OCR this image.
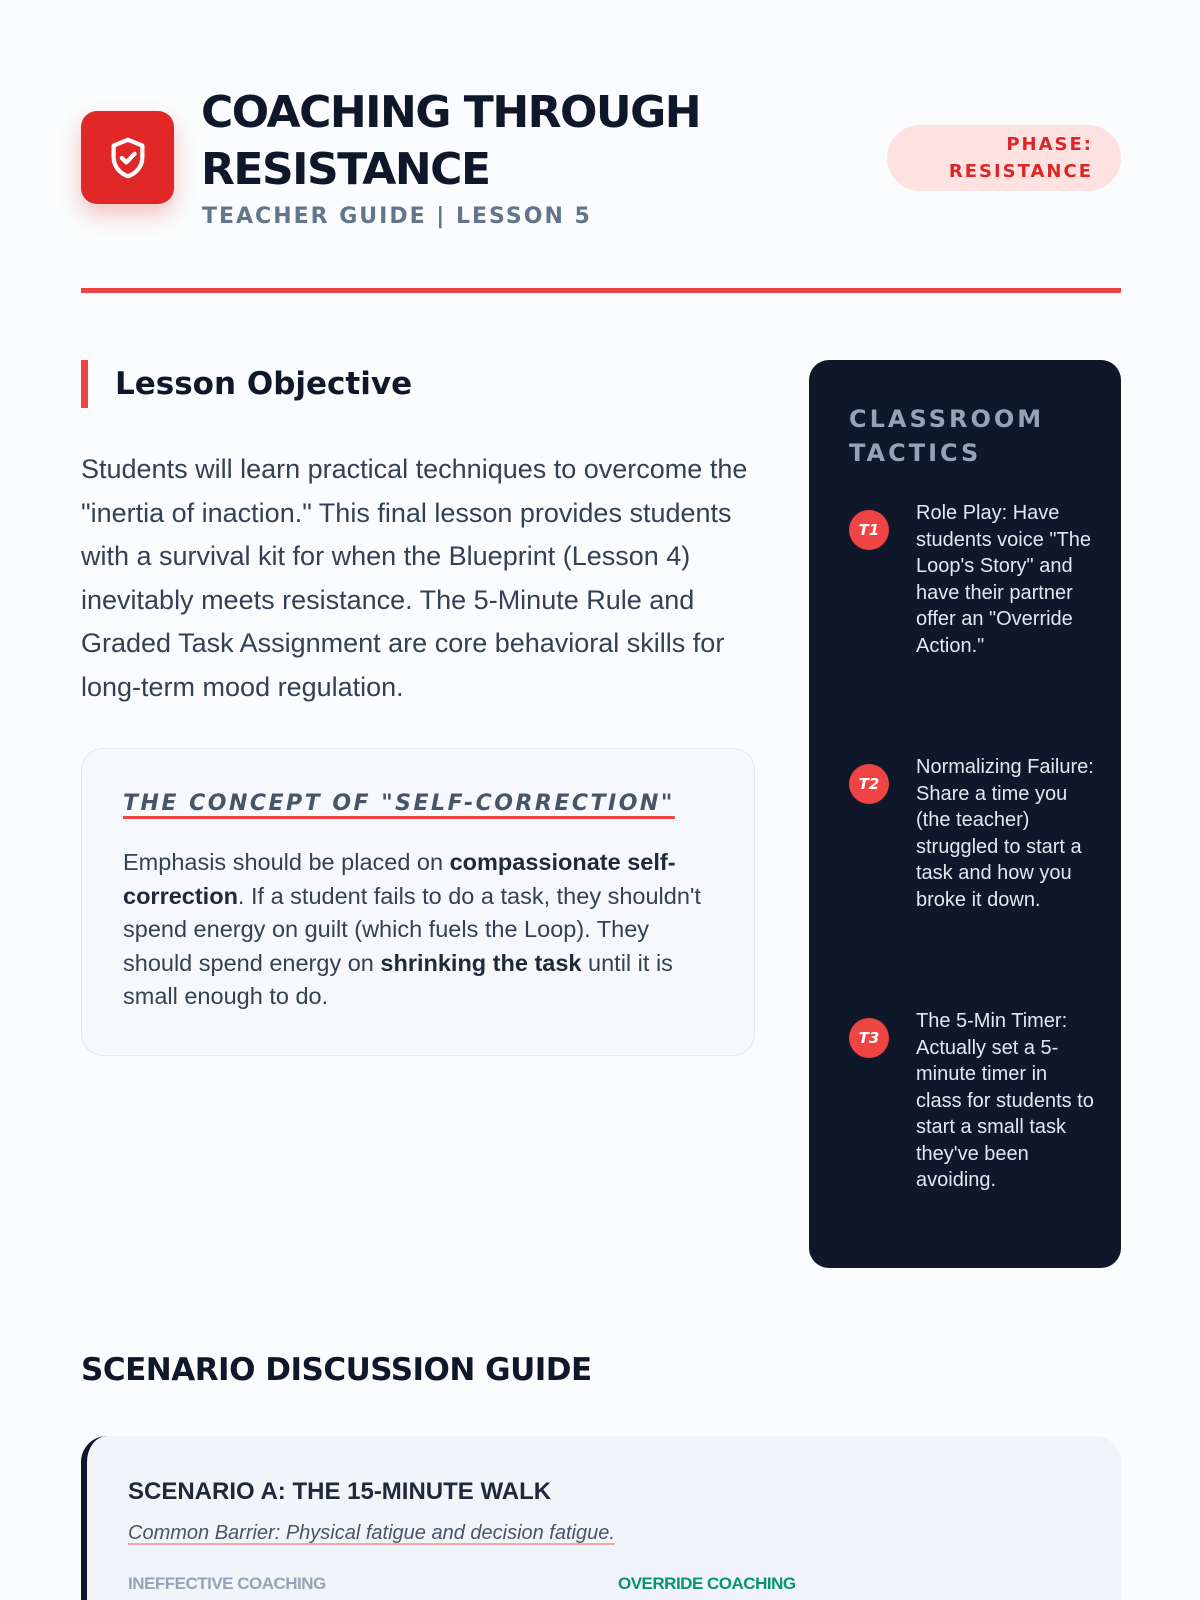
COACHING THROUGH RESISTANCE
TEACHER GUIDE | LESSON 5
PHASE:
RESISTANCE
Lesson Objective

Students will learn practical techniques to overcome the "inertia of inaction." This final lesson provides students with a survival kit for when the Blueprint (Lesson 4) inevitably meets resistance. The 5-Minute Rule and Graded Task Assignment are core behavioral skills for long-term mood regulation.

THE CONCEPT OF "SELF-CORRECTION"

Emphasis should be placed on compassionate self-correction. If a student fails to do a task, they shouldn't spend energy on guilt (which fuels the Loop). They should spend energy on shrinking the task until it is small enough to do.

CLASSROOM TACTICS
T1
Role Play: Have students voice "The Loop's Story" and have their partner offer an "Override Action."
T2
Normalizing Failure: Share a time you (the teacher) struggled to start a task and how you broke it down.
T3
The 5-Min Timer: Actually set a 5-minute timer in class for students to start a small task they've been avoiding.
SCENARIO DISCUSSION GUIDE
SCENARIO A: THE 15-MINUTE WALK
Common Barrier: Physical fatigue and decision fatigue.
INEFFECTIVE COACHING	OVERRIDE COACHING
